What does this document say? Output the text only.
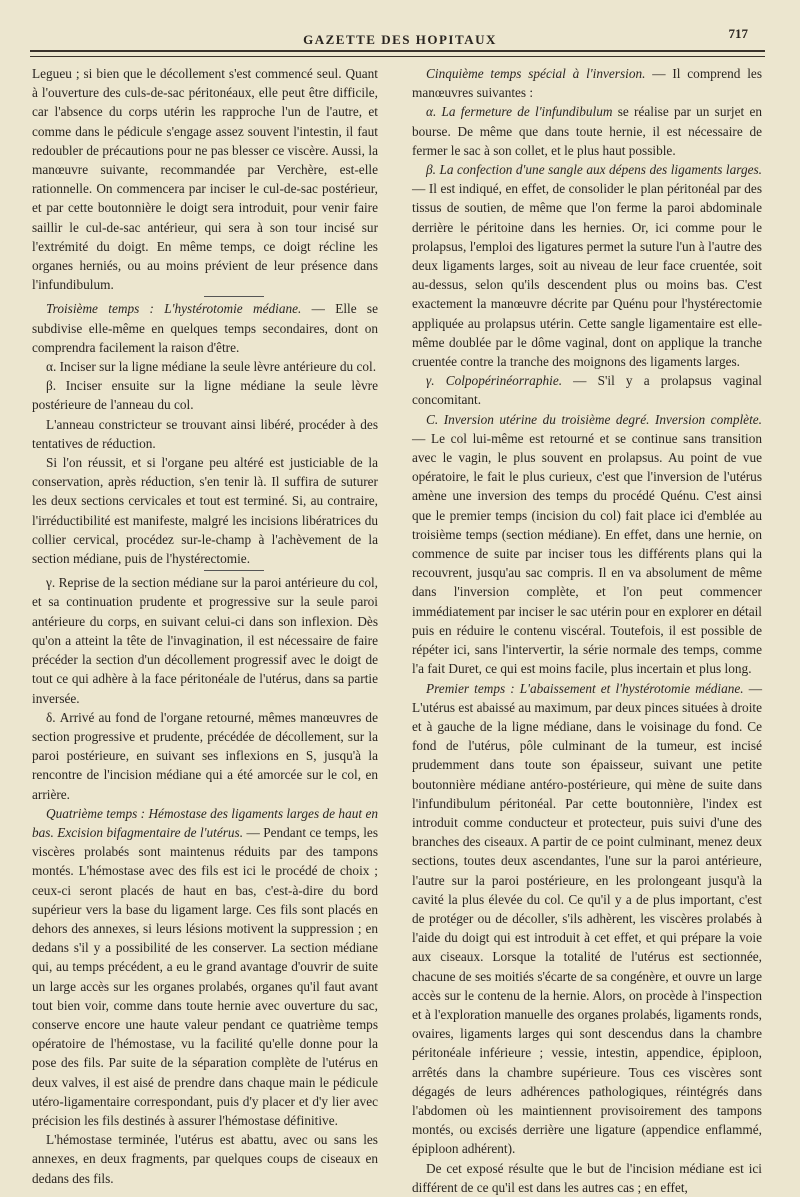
GAZETTE DES HOPITAUX	717

Legueu ; si bien que le décollement s'est commencé seul. Quant à l'ouverture des culs-de-sac péritonéaux, elle peut être difficile, car l'absence du corps utérin les rapproche l'un de l'autre, et comme dans le pédicule s'engage assez souvent l'intestin, il faut redoubler de précautions pour ne pas blesser ce viscère. Aussi, la manœuvre suivante, recommandée par Verchère, est-elle rationnelle. On commencera par inciser le cul-de-sac postérieur, et par cette boutonnière le doigt sera introduit, pour venir faire saillir le cul-de-sac antérieur, qui sera à son tour incisé sur l'extrémité du doigt. En même temps, ce doigt récline les organes herniés, ou au moins prévient de leur présence dans l'infundibulum.

Troisième temps : L'hystérotomie médiane. — Elle se subdivise elle-même en quelques temps secondaires, dont on comprendra facilement la raison d'être.

α. Inciser sur la ligne médiane la seule lèvre antérieure du col.

β. Inciser ensuite sur la ligne médiane la seule lèvre postérieure de l'anneau du col.

L'anneau constricteur se trouvant ainsi libéré, procéder à des tentatives de réduction.

Si l'on réussit, et si l'organe peu altéré est justiciable de la conservation, après réduction, s'en tenir là. Il suffira de suturer les deux sections cervicales et tout est terminé. Si, au contraire, l'irréductibilité est manifeste, malgré les incisions libératrices du collier cervical, procédez sur-le-champ à l'achèvement de la section médiane, puis de l'hystérectomie.

γ. Reprise de la section médiane sur la paroi antérieure du col, et sa continuation prudente et progressive sur la seule paroi antérieure du corps, en suivant celui-ci dans son inflexion. Dès qu'on a atteint la tête de l'invagination, il est nécessaire de faire précéder la section d'un décollement progressif avec le doigt de tout ce qui adhère à la face péritonéale de l'utérus, dans sa partie inversée.

δ. Arrivé au fond de l'organe retourné, mêmes manœuvres de section progressive et prudente, précédée de décollement, sur la paroi postérieure, en suivant ses inflexions en S, jusqu'à la rencontre de l'incision médiane qui a été amorcée sur le col, en arrière.

Quatrième temps : Hémostase des ligaments larges de haut en bas. Excision bifagmentaire de l'utérus. — Pendant ce temps, les viscères prolabés sont maintenus réduits par des tampons montés. L'hémostase avec des fils est ici le procédé de choix ; ceux-ci seront placés de haut en bas, c'est-à-dire du bord supérieur vers la base du ligament large. Ces fils sont placés en dehors des annexes, si leurs lésions motivent la suppression ; en dedans s'il y a possibilité de les conserver. La section médiane qui, au temps précédent, a eu le grand avantage d'ouvrir de suite un large accès sur les organes prolabés, organes qu'il faut avant tout bien voir, comme dans toute hernie avec ouverture du sac, conserve encore une haute valeur pendant ce quatrième temps opératoire de l'hémostase, vu la facilité qu'elle donne pour la pose des fils. Par suite de la séparation complète de l'utérus en deux valves, il est aisé de prendre dans chaque main le pédicule utéro-ligamentaire correspondant, puis d'y placer et d'y lier avec précision les fils destinés à assurer l'hémostase définitive.

L'hémostase terminée, l'utérus est abattu, avec ou sans les annexes, en deux fragments, par quelques coups de ciseaux en dedans des fils.

Cinquième temps spécial à l'inversion. — Il comprend les manœuvres suivantes :

α. La fermeture de l'infundibulum se réalise par un surjet en bourse. De même que dans toute hernie, il est nécessaire de fermer le sac à son collet, et le plus haut possible.

β. La confection d'une sangle aux dépens des ligaments larges. — Il est indiqué, en effet, de consolider le plan péritonéal par des tissus de soutien, de même que l'on ferme la paroi abdominale derrière le péritoine dans les hernies. Or, ici comme pour le prolapsus, l'emploi des ligatures permet la suture l'un à l'autre des deux ligaments larges, soit au niveau de leur face cruentée, soit au-dessus, selon qu'ils descendent plus ou moins bas. C'est exactement la manœuvre décrite par Quénu pour l'hystérectomie appliquée au prolapsus utérin. Cette sangle ligamentaire est elle-même doublée par le dôme vaginal, dont on applique la tranche cruentée contre la tranche des moignons des ligaments larges.

γ. Colpopérinéorraphie. — S'il y a prolapsus vaginal concomitant.

C. Inversion utérine du troisième degré. Inversion complète. — Le col lui-même est retourné et se continue sans transition avec le vagin, le plus souvent en prolapsus. Au point de vue opératoire, le fait le plus curieux, c'est que l'inversion de l'utérus amène une inversion des temps du procédé Quénu. C'est ainsi que le premier temps (incision du col) fait place ici d'emblée au troisième temps (section médiane). En effet, dans une hernie, on commence de suite par inciser tous les différents plans qui la recouvrent, jusqu'au sac compris. Il en va absolument de même dans l'inversion complète, et l'on peut commencer immédiatement par inciser le sac utérin pour en explorer en détail puis en réduire le contenu viscéral. Toutefois, il est possible de répéter ici, sans l'intervertir, la série normale des temps, comme l'a fait Duret, ce qui est moins facile, plus incertain et plus long.

Premier temps : L'abaissement et l'hystérotomie médiane. — L'utérus est abaissé au maximum, par deux pinces situées à droite et à gauche de la ligne médiane, dans le voisinage du fond. Ce fond de l'utérus, pôle culminant de la tumeur, est incisé prudemment dans toute son épaisseur, suivant une petite boutonnière médiane antéro-postérieure, qui mène de suite dans l'infundibulum péritonéal. Par cette boutonnière, l'index est introduit comme conducteur et protecteur, puis suivi d'une des branches des ciseaux. A partir de ce point culminant, menez deux sections, toutes deux ascendantes, l'une sur la paroi antérieure, l'autre sur la paroi postérieure, en les prolongeant jusqu'à la cavité la plus élevée du col. Ce qu'il y a de plus important, c'est de protéger ou de décoller, s'ils adhèrent, les viscères prolabés à l'aide du doigt qui est introduit à cet effet, et qui prépare la voie aux ciseaux. Lorsque la totalité de l'utérus est sectionnée, chacune de ses moitiés s'écarte de sa congénère, et ouvre un large accès sur le contenu de la hernie. Alors, on procède à l'inspection et à l'exploration manuelle des organes prolabés, ligaments ronds, ovaires, ligaments larges qui sont descendus dans la chambre péritonéale inférieure ; vessie, intestin, appendice, épiploon, arrêtés dans la chambre supérieure. Tous ces viscères sont dégagés de leurs adhérences pathologiques, réintégrés dans l'abdomen où les maintiennent provisoirement des tampons montés, ou excisés derrière une ligature (appendice enflammé, épiploon adhérent).

De cet exposé résulte que le but de l'incision médiane est ici différent de ce qu'il est dans les autres cas ; en effet,
